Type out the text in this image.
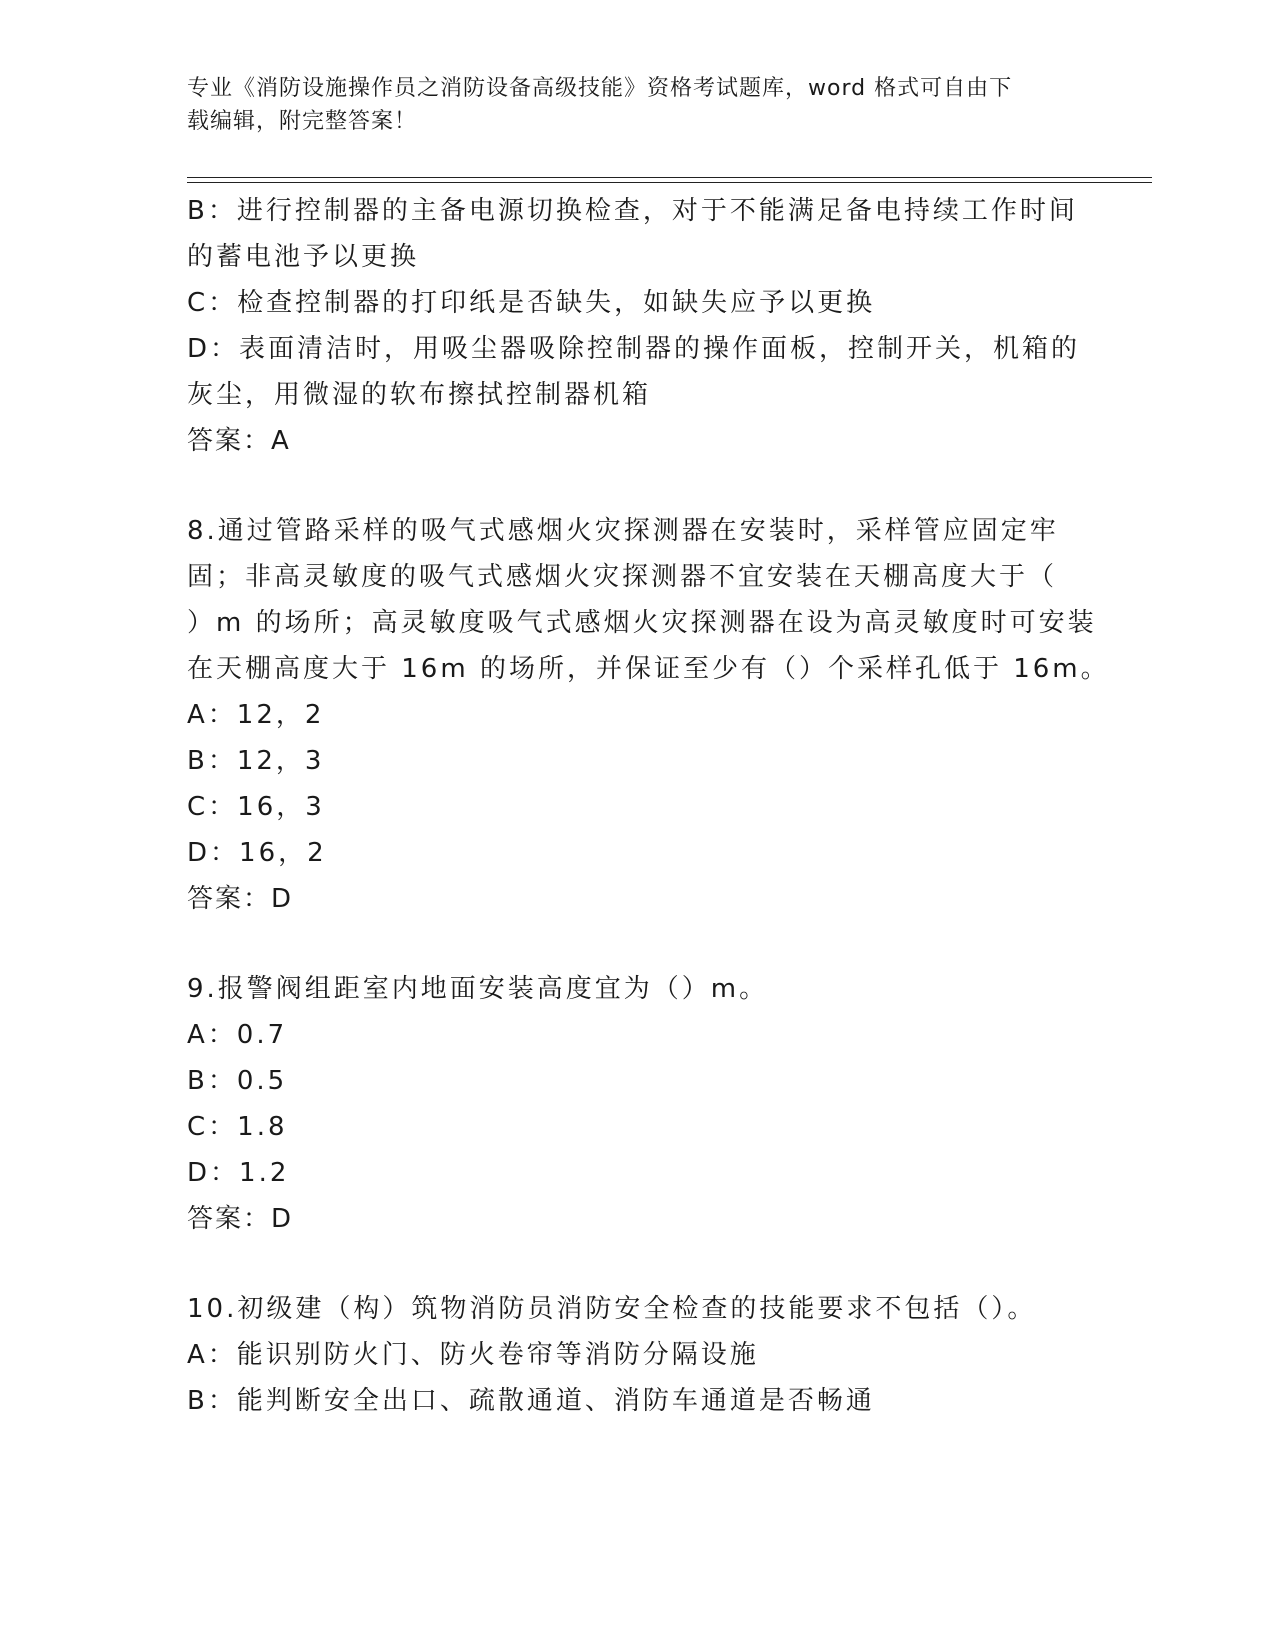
专业《消防设施操作员之消防设备高级技能》资格考试题库，word 格式可自由下
载编辑，附完整答案！
B：进行控制器的主备电源切换检查，对于不能满足备电持续工作时间
的蓄电池予以更换
C：检查控制器的打印纸是否缺失，如缺失应予以更换
D：表面清洁时，用吸尘器吸除控制器的操作面板，控制开关，机箱的
灰尘，用微湿的软布擦拭控制器机箱
答案：A
8.通过管路采样的吸气式感烟火灾探测器在安装时，采样管应固定牢
固；非高灵敏度的吸气式感烟火灾探测器不宜安装在天棚高度大于（
）m 的场所；高灵敏度吸气式感烟火灾探测器在设为高灵敏度时可安装
在天棚高度大于 16m 的场所，并保证至少有（）个采样孔低于 16m。
A：12，2
B：12，3
C：16，3
D：16，2
答案：D
9.报警阀组距室内地面安装高度宜为（）m。
A：0.7
B：0.5
C：1.8
D：1.2
答案：D
10.初级建（构）筑物消防员消防安全检查的技能要求不包括（）。
A：能识别防火门、防火卷帘等消防分隔设施
B：能判断安全出口、疏散通道、消防车通道是否畅通
